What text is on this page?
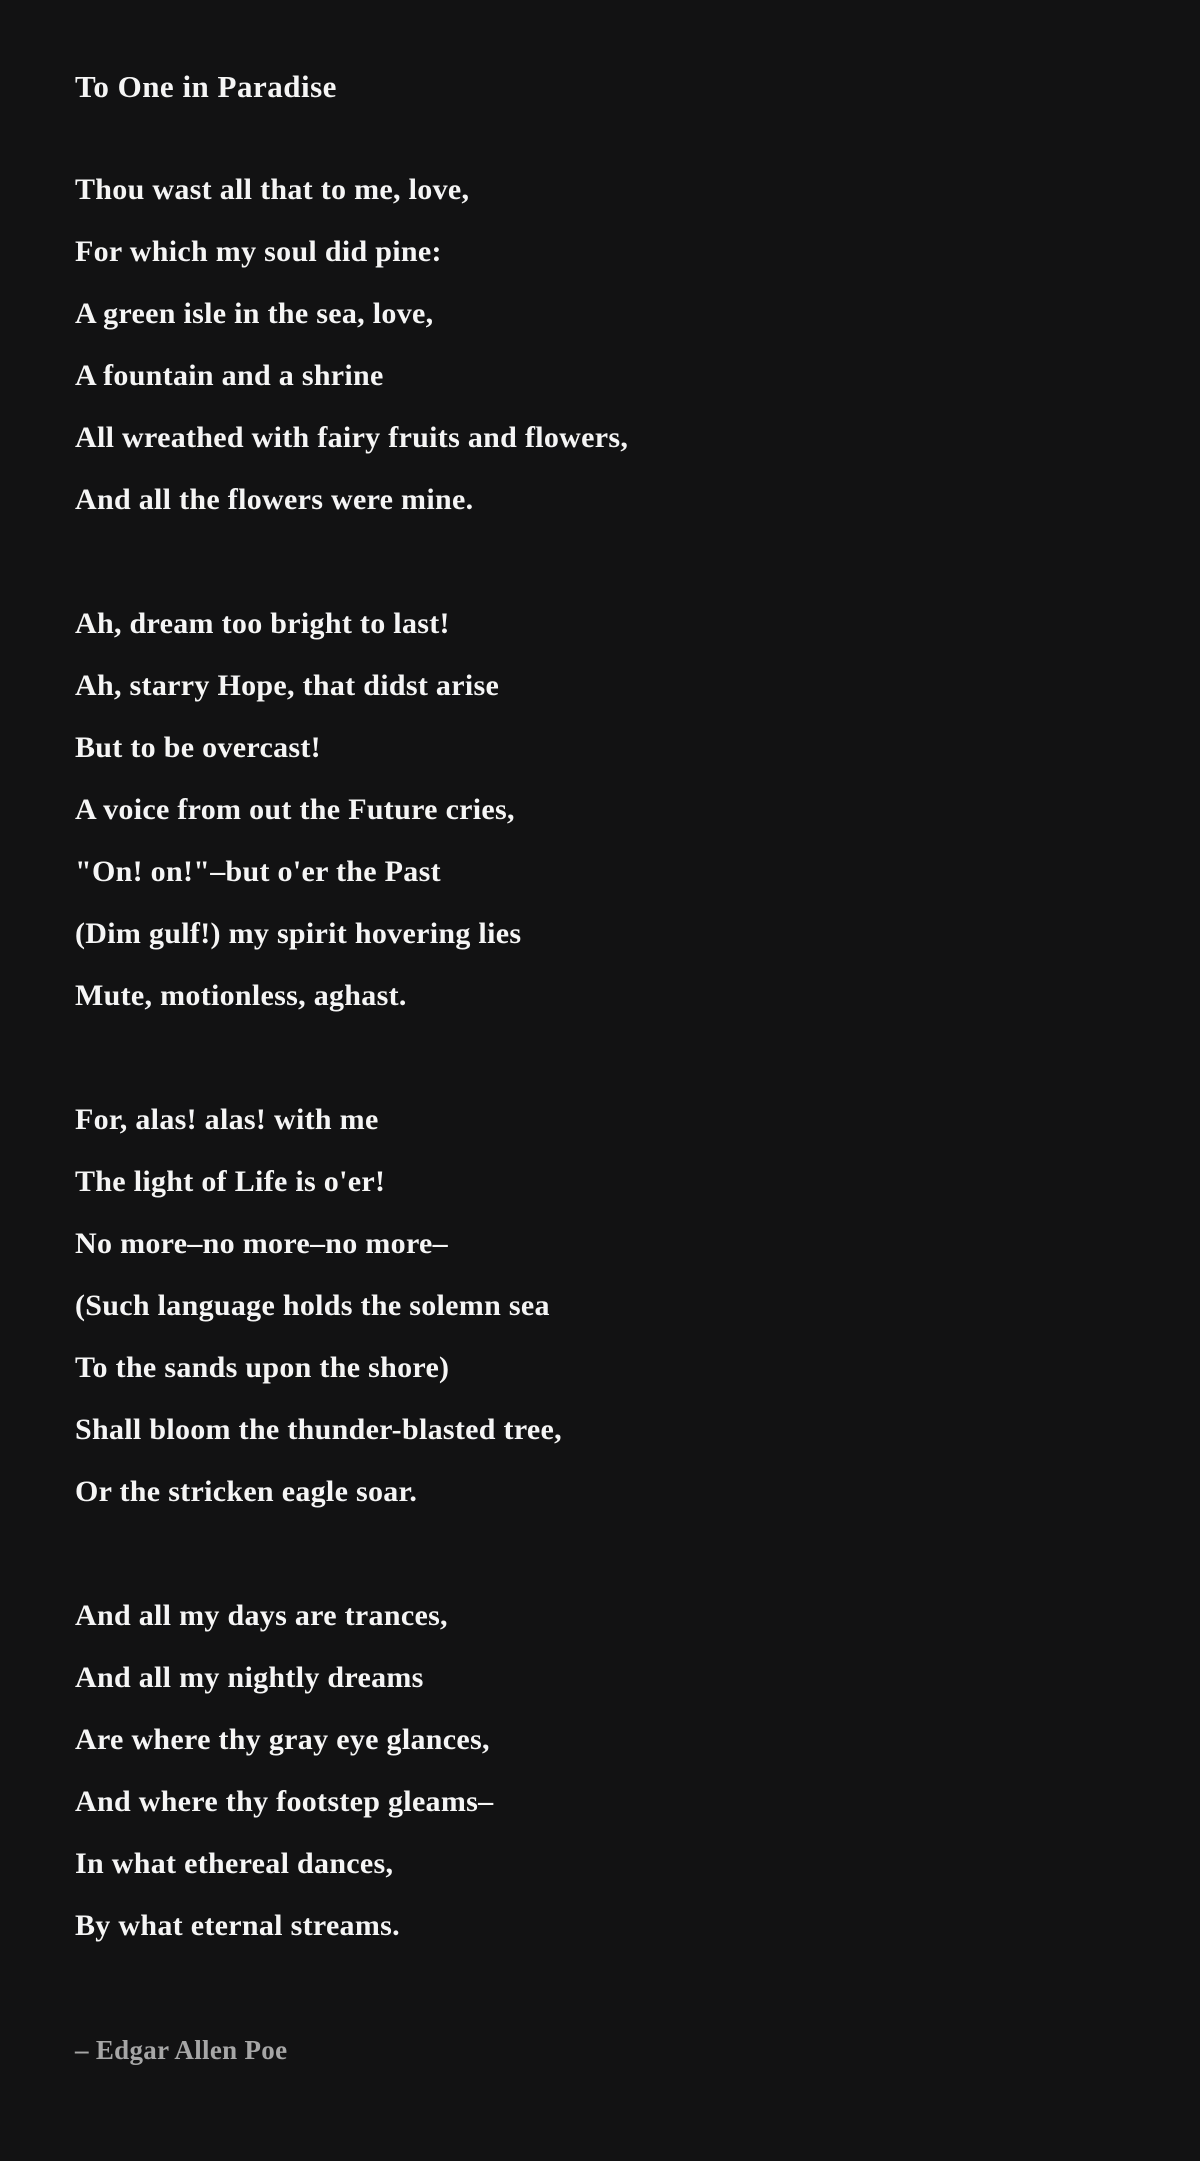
To One in Paradise
Thou wast all that to me, love,
For which my soul did pine:
A green isle in the sea, love,
A fountain and a shrine
All wreathed with fairy fruits and flowers,
And all the flowers were mine.
Ah, dream too bright to last!
Ah, starry Hope, that didst arise
But to be overcast!
A voice from out the Future cries,
"On! on!"–but o'er the Past
(Dim gulf!) my spirit hovering lies
Mute, motionless, aghast.
For, alas! alas! with me
The light of Life is o'er!
No more–no more–no more–
(Such language holds the solemn sea
To the sands upon the shore)
Shall bloom the thunder-blasted tree,
Or the stricken eagle soar.
And all my days are trances,
And all my nightly dreams
Are where thy gray eye glances,
And where thy footstep gleams–
In what ethereal dances,
By what eternal streams.
– Edgar Allen Poe
